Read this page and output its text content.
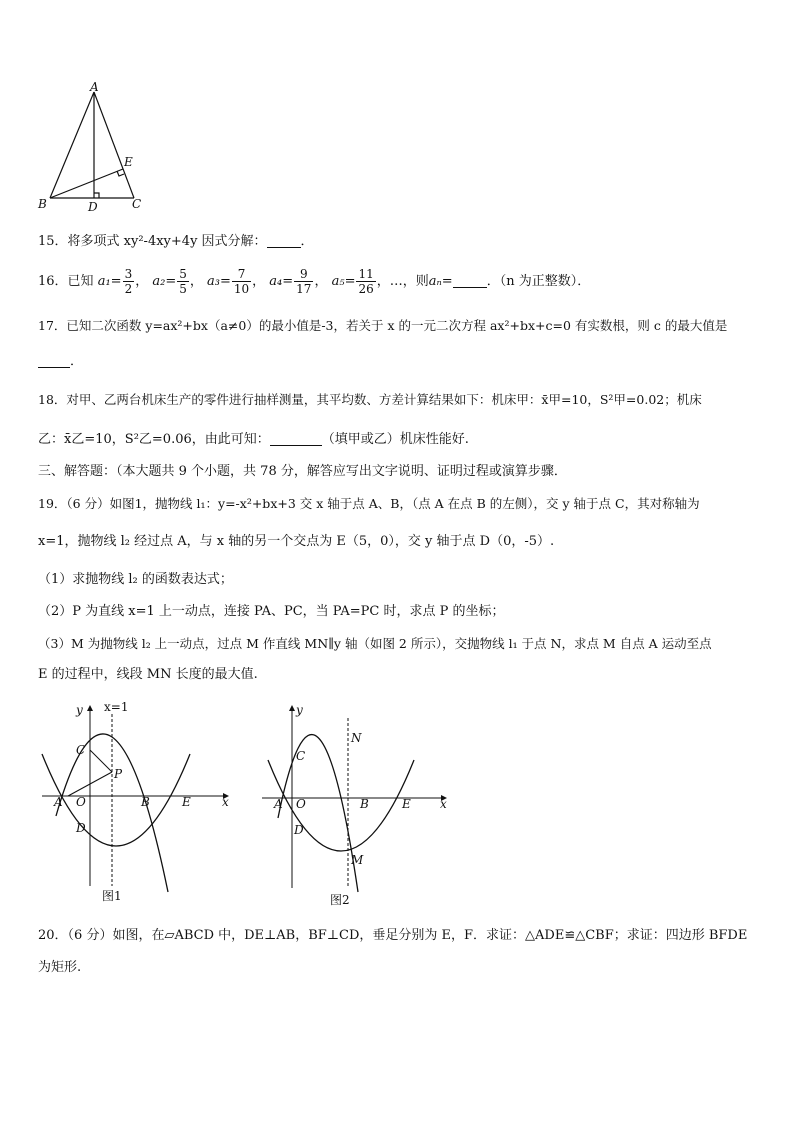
A
B	D	C
E
15．将多项式 xy²-4xy+4y 因式分解：	．
16．已知 $a_1= \frac{3}{2}$ ， $a_2= \frac{5}{5}$ ， $a_3= \frac{7}{10}$ ， $a_4= \frac{9}{17}$ ， $a_5= \frac{11}{26}$ ，…，则aₙ=	．（n 为正整数）．
17．已知二次函数 y=ax²+bx（a≠0）的最小值是-3，若关于 x 的一元二次方程 ax²+bx+c=0 有实数根，则 c 的最大值是
．
18．对甲、乙两台机床生产的零件进行抽样测量，其平均数、方差计算结果如下：机床甲：x̄甲=10，S²甲=0.02；机床
乙：x̄乙=10，S²乙=0.06，由此可知：	（填甲或乙）机床性能好.
三、解答题：（本大题共 9 个小题，共 78 分，解答应写出文字说明、证明过程或演算步骤．
19．（6 分）如图1，抛物线 l₁：y=-x²+bx+3 交 x 轴于点 A、B，（点 A 在点 B 的左侧），交 y 轴于点 C，其对称轴为
x=1，抛物线 l₂ 经过点 A，与 x 轴的另一个交点为 E（5，0），交 y 轴于点 D（0，-5）.
（1）求抛物线 l₂ 的函数表达式；
（2）P 为直线 x=1 上一动点，连接 PA、PC，当 PA=PC 时，求点 P 的坐标；
（3）M 为抛物线 l₂ 上一动点，过点 M 作直线 MN∥y 轴（如图 2 所示），交抛物线 l₁ 于点 N，求点 M 自点 A 运动至点
E 的过程中，线段 MN 长度的最大值.
y x=1
C
P
A O	B	E	x
D
图1
y
C
N
A O	B	E x
D
M
图2
20．（6 分）如图，在▱ABCD 中，DE⊥AB，BF⊥CD，垂足分别为 E，F．求证：△ADE≌△CBF；求证：四边形 BFDE
为矩形.
